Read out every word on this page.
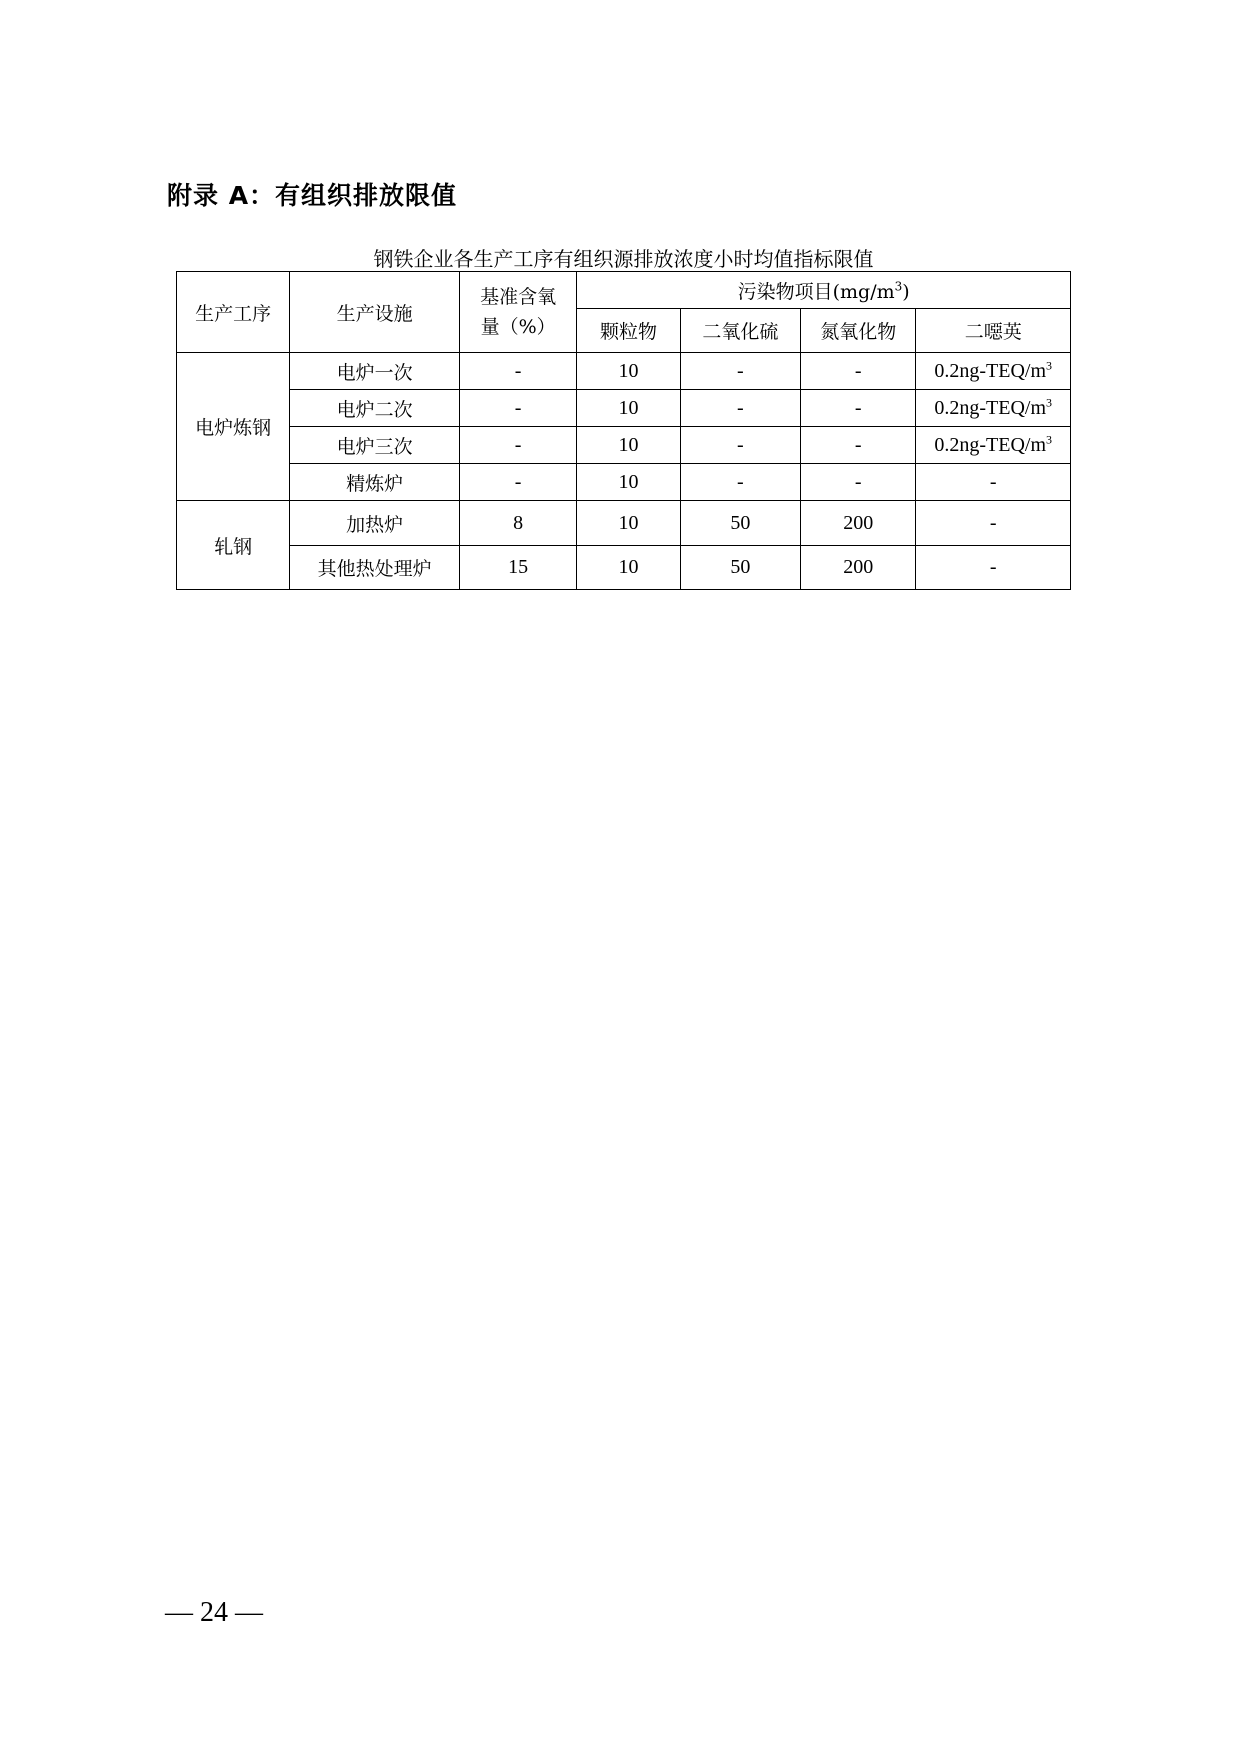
附录 A：有组织排放限值
钢铁企业各生产工序有组织源排放浓度小时均值指标限值
生产工序	生产设施	基准含氧量（%）	污染物项目$(mg/m^3)$			
			颗粒物	二氧化硫	氮氧化物	二噁英
电炉炼钢	电炉一次	-	10	-	-	$0.2ng-TEQ/m^3$
	电炉二次	-	10	-	-	$0.2ng-TEQ/m^3$
	电炉三次	-	10	-	-	$0.2ng-TEQ/m^3$
	精炼炉	-	10	-	-	-
轧钢	加热炉	8	10	50	200	-
	其他热处理炉	15	10	50	200	-
— 24 —
